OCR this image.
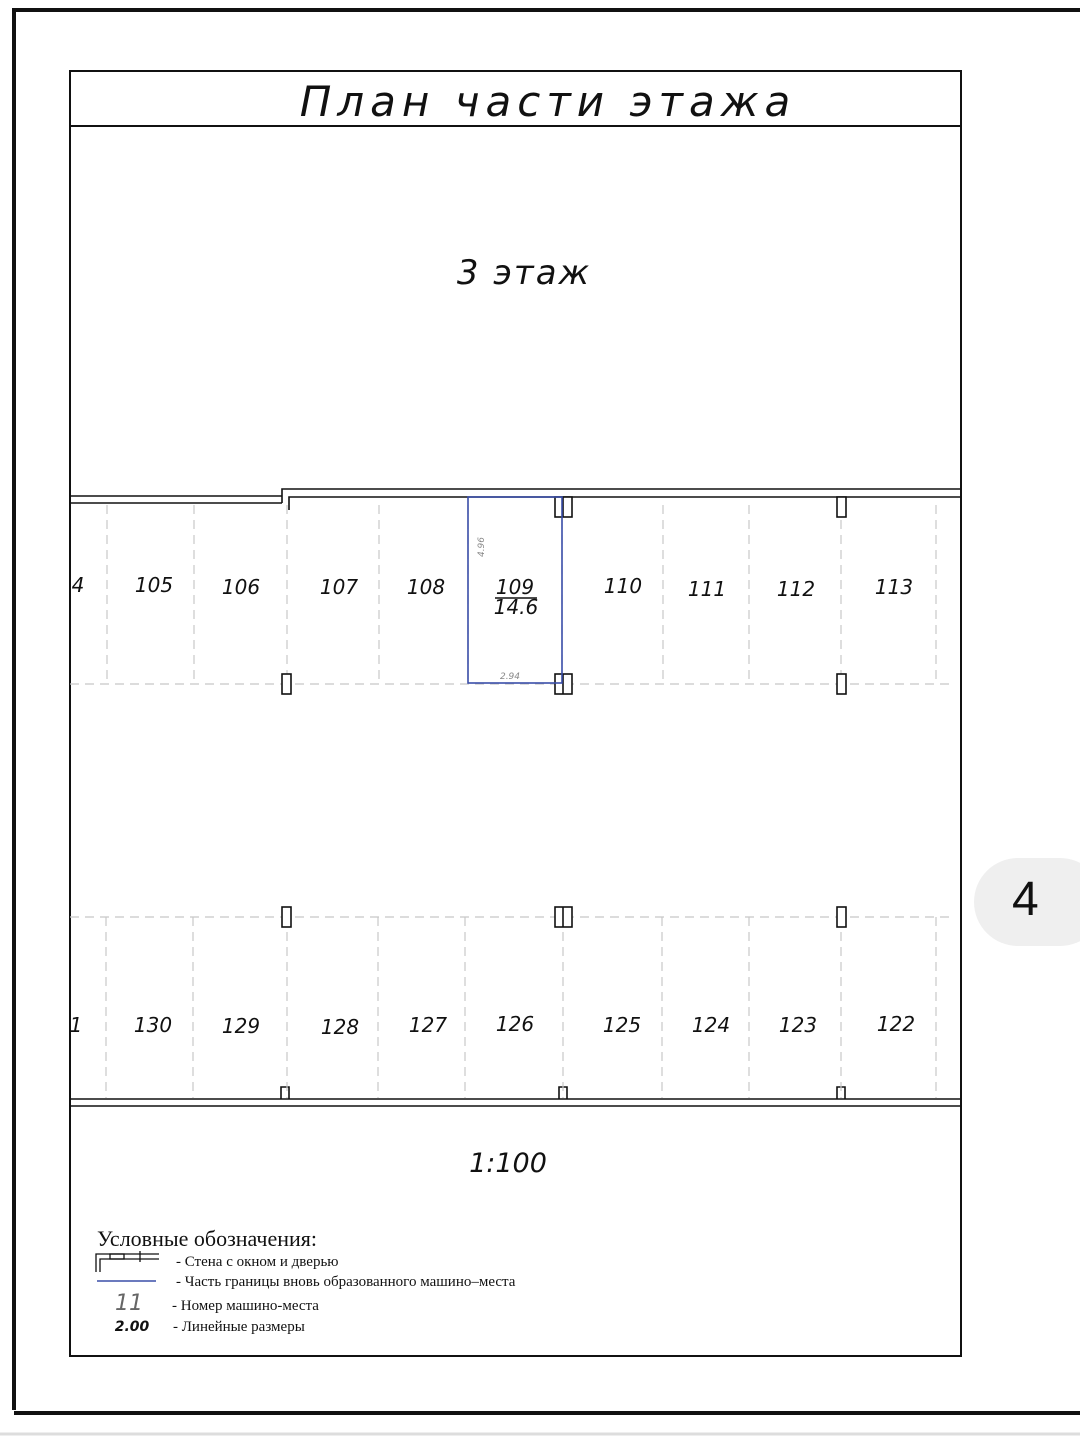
План части этажа
3 этаж
1:100
109
14.6
4.96
2.94
4	105 106	107 108	110 111	112	113
1	130 129	128 127 126	125	124 123	122
Условные обозначения:
- Стена с окном и дверью
- Часть границы вновь образованного машино–места
11 - Номер машино-места
2.00 - Линейные размеры
4
